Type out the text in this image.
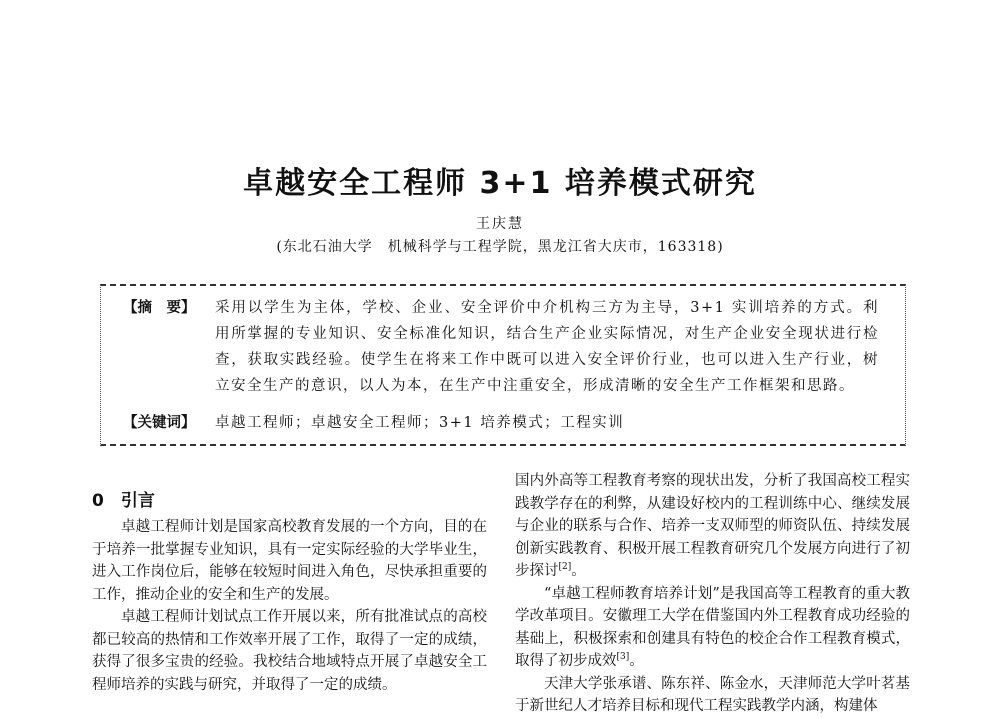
卓越安全工程师 3+1 培养模式研究
王庆慧
(东北石油大学　机械科学与工程学院，黑龙江省大庆市，163318)
【摘　要】	采用以学生为主体，学校、企业、安全评价中介机构三方为主导，3+1 实训培养的方式。利用所掌握的专业知识、安全标准化知识，结合生产企业实际情况，对生产企业安全现状进行检查，获取实践经验。使学生在将来工作中既可以进入安全评价行业，也可以进入生产行业，树立安全生产的意识，以人为本，在生产中注重安全，形成清晰的安全生产工作框架和思路。
【关键词】	卓越工程师；卓越安全工程师；3+1 培养模式；工程实训
0　引言

卓越工程师计划是国家高校教育发展的一个方向，目的在于培养一批掌握专业知识，具有一定实际经验的大学毕业生，进入工作岗位后，能够在较短时间进入角色，尽快承担重要的工作，推动企业的安全和生产的发展。

卓越工程师计划试点工作开展以来，所有批准试点的高校都已较高的热情和工作效率开展了工作，取得了一定的成绩，获得了很多宝贵的经验。我校结合地域特点开展了卓越安全工程师培养的实践与研究，并取得了一定的成绩。

国内外高等工程教育考察的现状出发，分析了我国高校工程实践教学存在的利弊，从建设好校内的工程训练中心、继续发展与企业的联系与合作、培养一支双师型的师资队伍、持续发展创新实践教育、积极开展工程教育研究几个发展方向进行了初步探讨[2]。

“卓越工程师教育培养计划”是我国高等工程教育的重大教学改革项目。安徽理工大学在借鉴国内外工程教育成功经验的基础上，积极探索和创建具有特色的校企合作工程教育模式，取得了初步成效[3]。

天津大学张承谱、陈东祥、陈金水，天津师范大学叶茗基于新世纪人才培养目标和现代工程实践教学内涵，构建体
